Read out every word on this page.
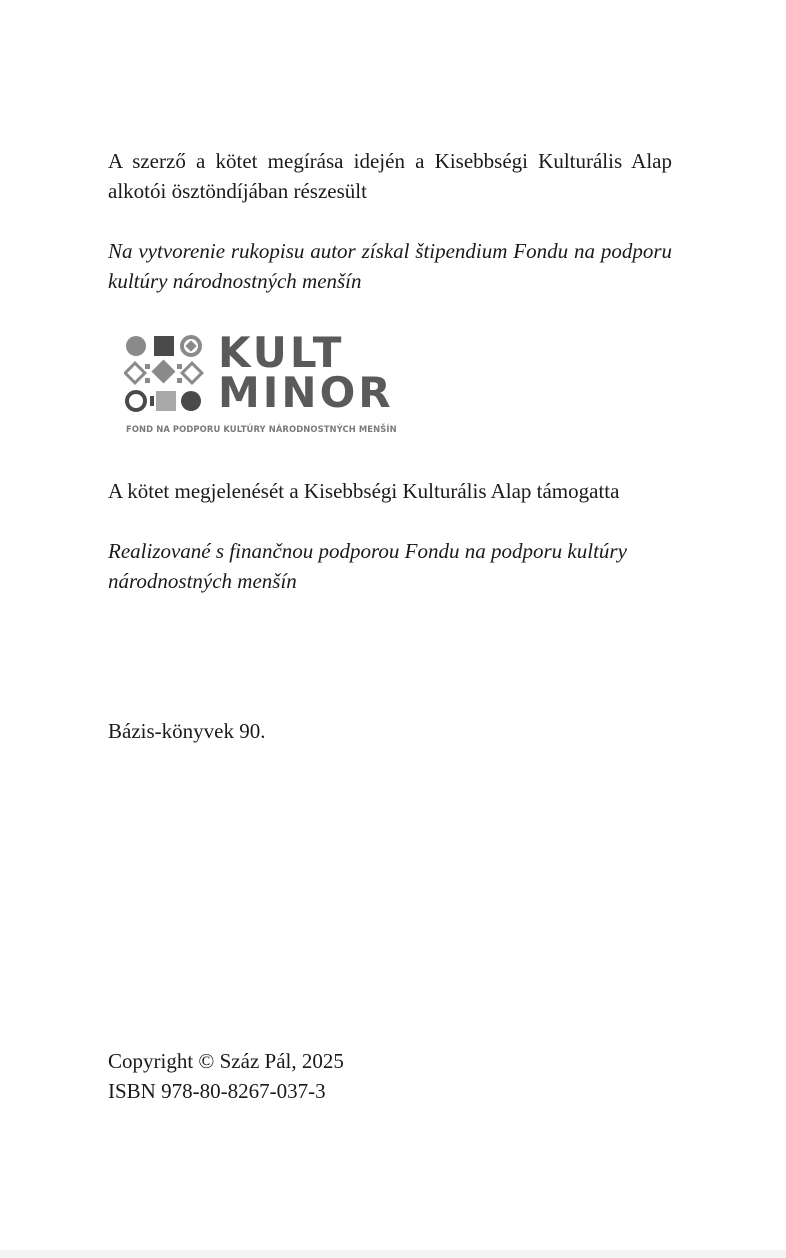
A szerző a kötet megírása idején a Kisebbségi Kulturális Alap alkotói ösztöndíjában részesült
Na vytvorenie rukopisu autor získal štipendium Fondu na podporu kultúry národnostných menšín
KULT
MINOR
FOND NA PODPORU KULTÚRY NÁRODNOSTNÝCH MENŠÍN
A kötet megjelenését a Kisebbségi Kulturális Alap támogatta
Realizované s finančnou podporou Fondu na podporu kultúry národnostných menšín
Bázis-könyvek 90.
Copyright © Száz Pál, 2025
ISBN 978-80-8267-037-3
